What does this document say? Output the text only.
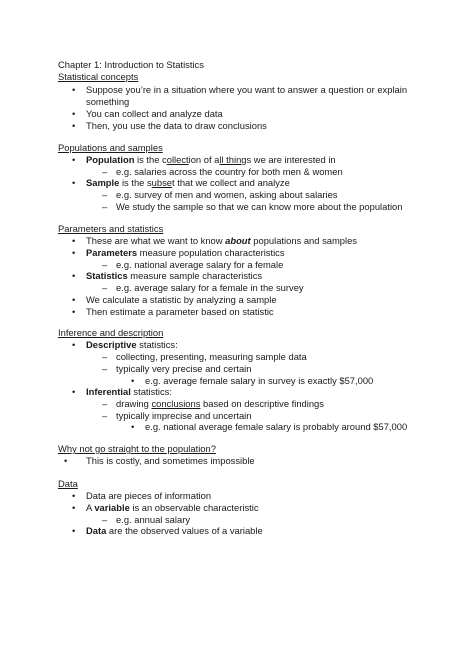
Chapter 1: Introduction to Statistics
Statistical concepts
• Suppose you’re in a situation where you want to answer a question or explain
something
• You can collect and analyze data
• Then, you use the data to draw conclusions
Populations and samples
• Population is the collection of all things we are interested in
– e.g. salaries across the country for both men & women
• Sample is the subset that we collect and analyze
– e.g. survey of men and women, asking about salaries
– We study the sample so that we can know more about the population
Parameters and statistics
• These are what we want to know about populations and samples
• Parameters measure population characteristics
– e.g. national average salary for a female
• Statistics measure sample characteristics
– e.g. average salary for a female in the survey
• We calculate a statistic by analyzing a sample
• Then estimate a parameter based on statistic
Inference and description
• Descriptive statistics:
– collecting, presenting, measuring sample data
– typically very precise and certain
• e.g. average female salary in survey is exactly $57,000
• Inferential statistics:
– drawing conclusions based on descriptive findings
– typically imprecise and uncertain
• e.g. national average female salary is probably around $57,000
Why not go straight to the population?
• This is costly, and sometimes impossible
Data
• Data are pieces of information
• A variable is an observable characteristic
– e.g. annual salary
• Data are the observed values of a variable
